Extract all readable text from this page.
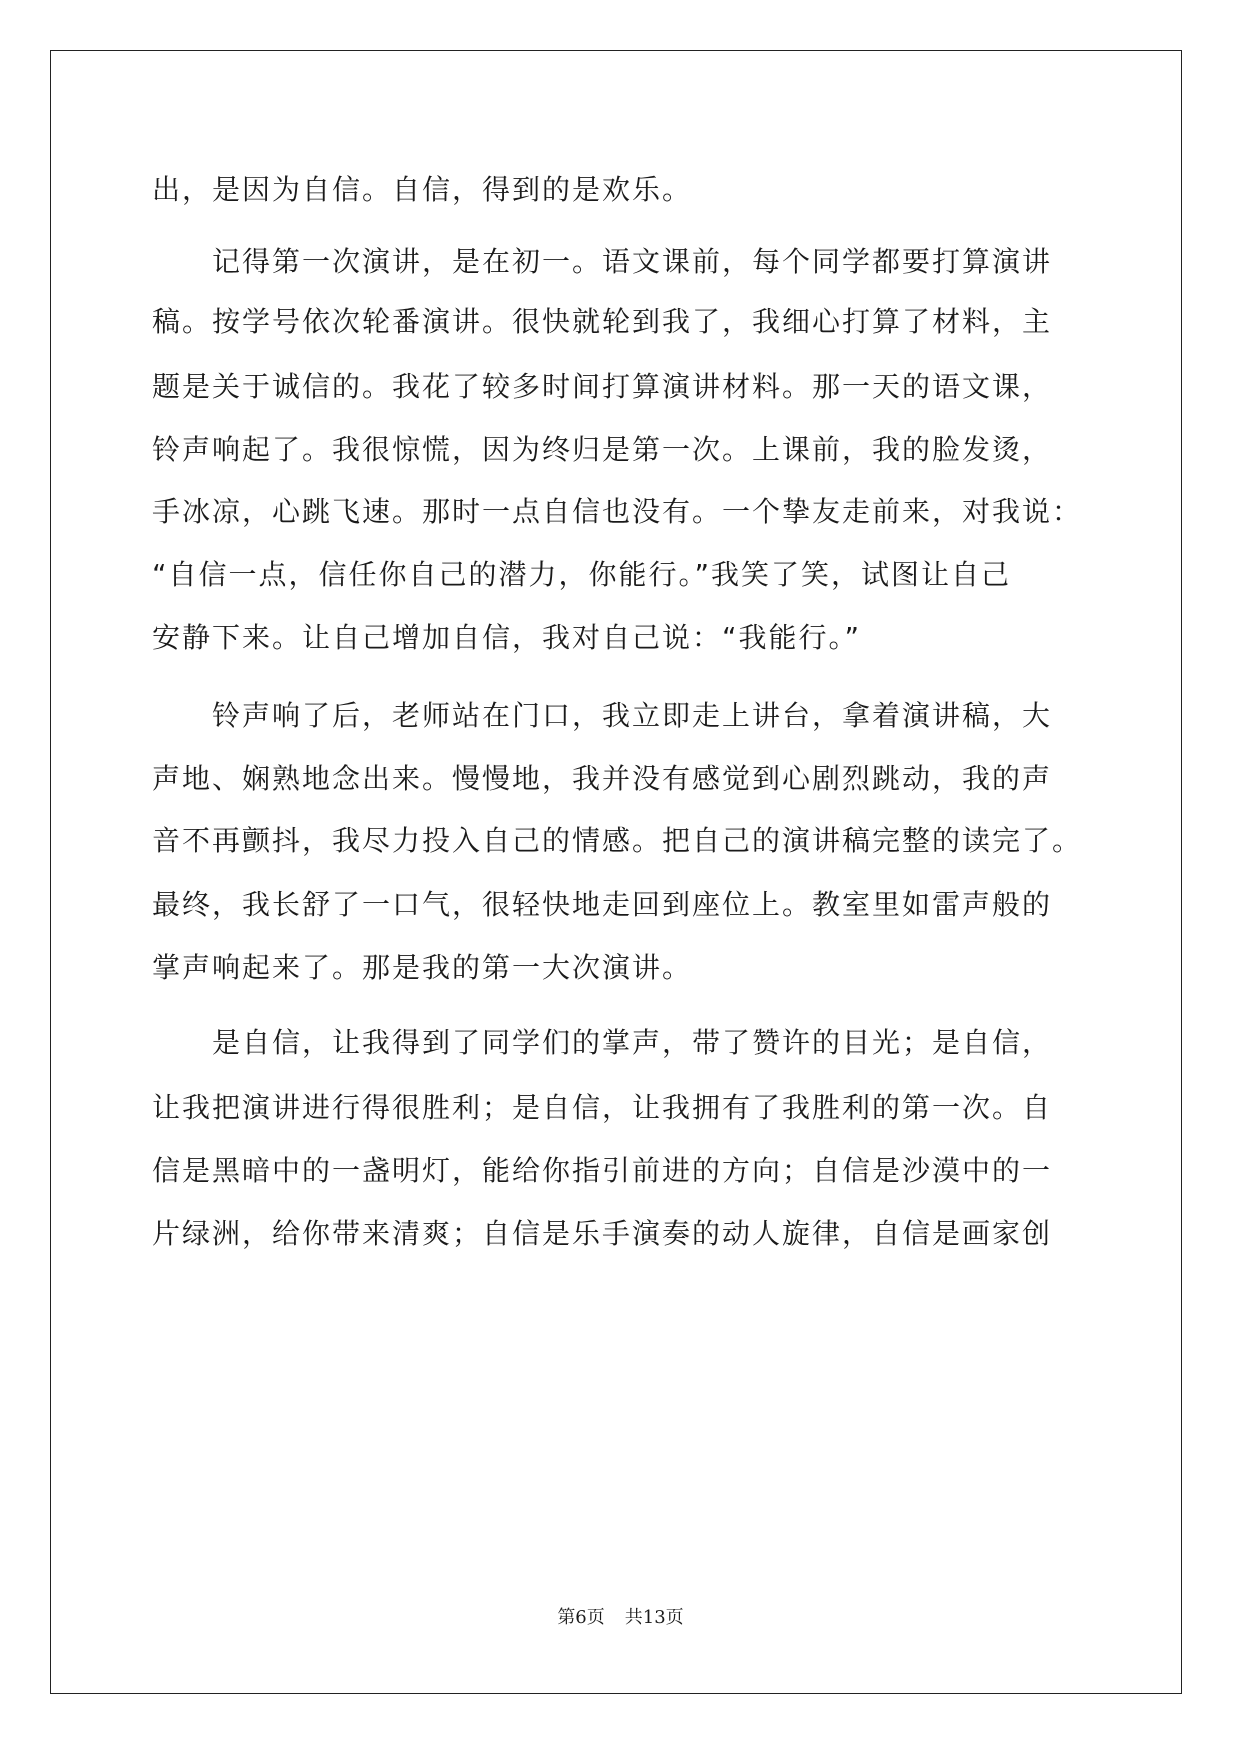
出，是因为自信。自信，得到的是欢乐。
记得第一次演讲，是在初一。语文课前，每个同学都要打算演讲
稿。按学号依次轮番演讲。很快就轮到我了，我细心打算了材料，主
题是关于诚信的。我花了较多时间打算演讲材料。那一天的语文课，
铃声响起了。我很惊慌，因为终归是第一次。上课前，我的脸发烫，
手冰凉，心跳飞速。那时一点自信也没有。一个挚友走前来，对我说：
“自信一点，信任你自己的潜力，你能行。”我笑了笑，试图让自己
安静下来。让自己增加自信，我对自己说：“我能行。”
铃声响了后，老师站在门口，我立即走上讲台，拿着演讲稿，大
声地、娴熟地念出来。慢慢地，我并没有感觉到心剧烈跳动，我的声
音不再颤抖，我尽力投入自己的情感。把自己的演讲稿完整的读完了。
最终，我长舒了一口气，很轻快地走回到座位上。教室里如雷声般的
掌声响起来了。那是我的第一大次演讲。
是自信，让我得到了同学们的掌声，带了赞许的目光；是自信，
让我把演讲进行得很胜利；是自信，让我拥有了我胜利的第一次。自
信是黑暗中的一盏明灯，能给你指引前进的方向；自信是沙漠中的一
片绿洲，给你带来清爽；自信是乐手演奏的动人旋律，自信是画家创
第6页 共13页
